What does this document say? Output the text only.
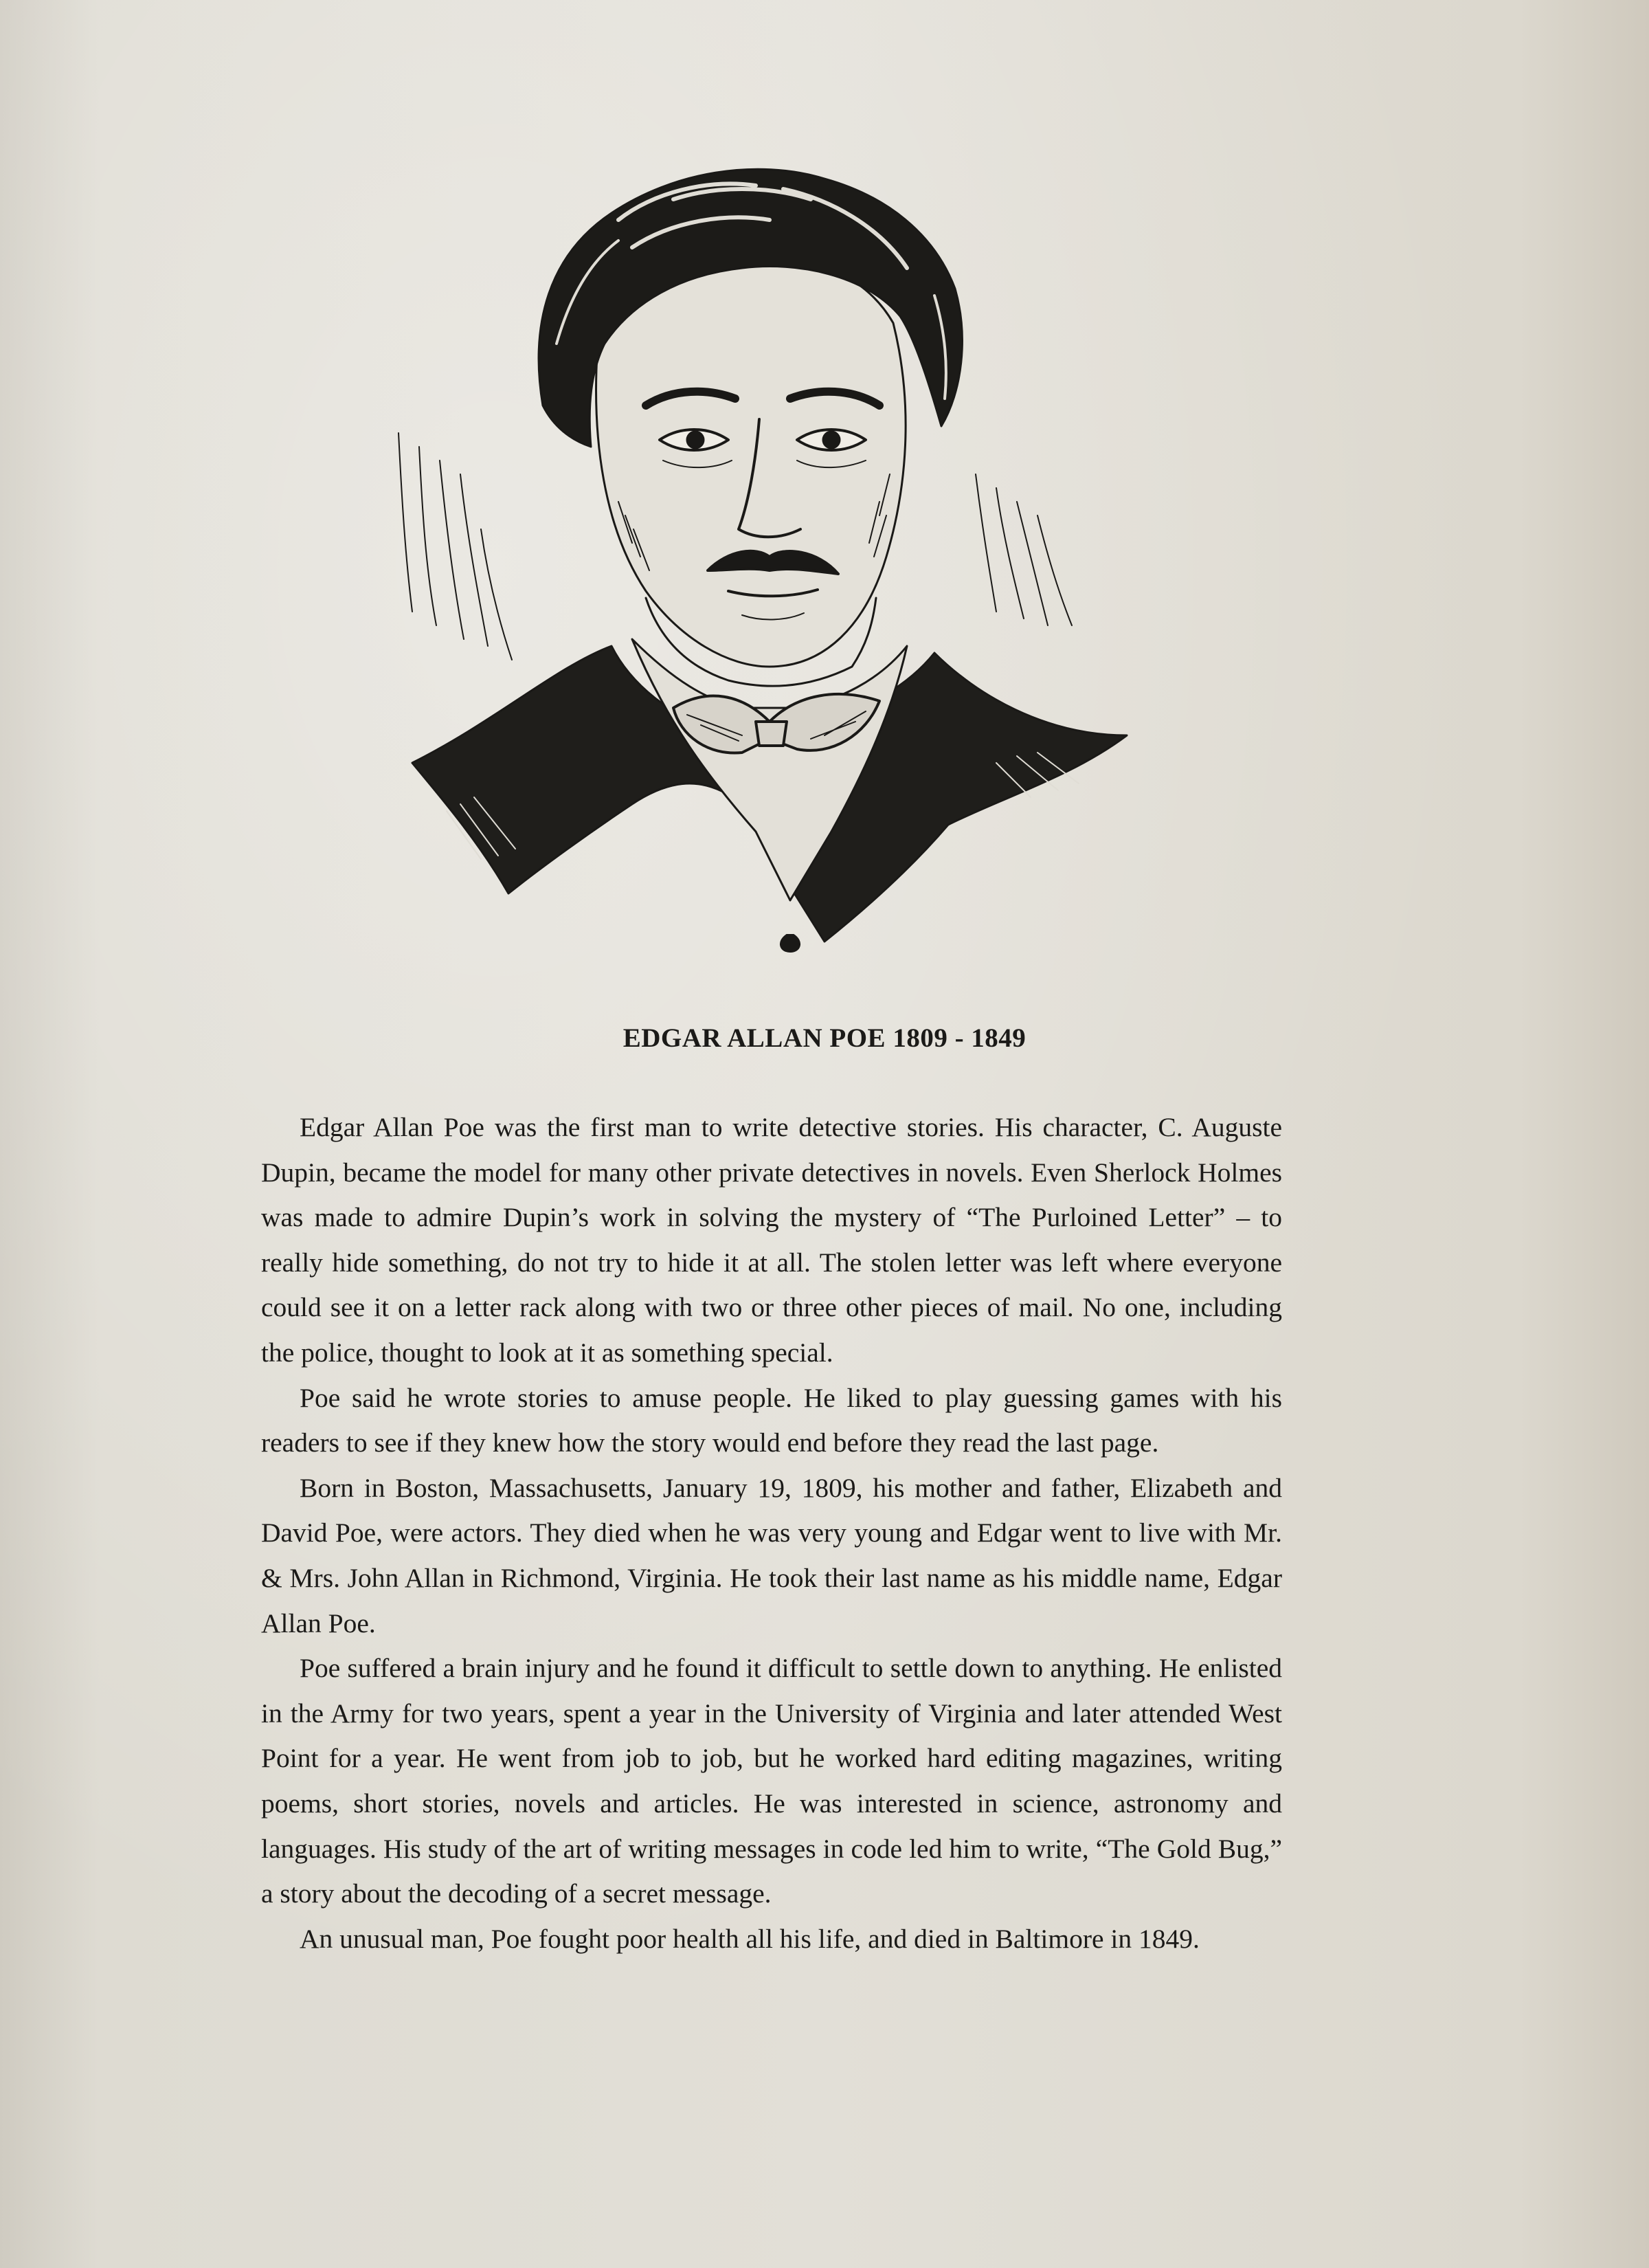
EDGAR ALLAN POE 1809 - 1849

Edgar Allan Poe was the first man to write detective stories. His character, C. Auguste Dupin, became the model for many other private detectives in novels. Even Sherlock Holmes was made to admire Dupin’s work in solving the mystery of “The Purloined Letter” – to really hide something, do not try to hide it at all. The stolen letter was left where everyone could see it on a letter rack along with two or three other pieces of mail. No one, including the police, thought to look at it as something special.

Poe said he wrote stories to amuse people. He liked to play guessing games with his readers to see if they knew how the story would end before they read the last page.

Born in Boston, Massachusetts, January 19, 1809, his mother and father, Elizabeth and David Poe, were actors. They died when he was very young and Edgar went to live with Mr. & Mrs. John Allan in Richmond, Virginia. He took their last name as his middle name, Edgar Allan Poe.

Poe suffered a brain injury and he found it difficult to settle down to anything. He enlisted in the Army for two years, spent a year in the University of Virginia and later attended West Point for a year. He went from job to job, but he worked hard editing magazines, writing poems, short stories, novels and articles. He was interested in science, astronomy and languages. His study of the art of writing messages in code led him to write, “The Gold Bug,” a story about the decoding of a secret message.

An unusual man, Poe fought poor health all his life, and died in Baltimore in 1849.
